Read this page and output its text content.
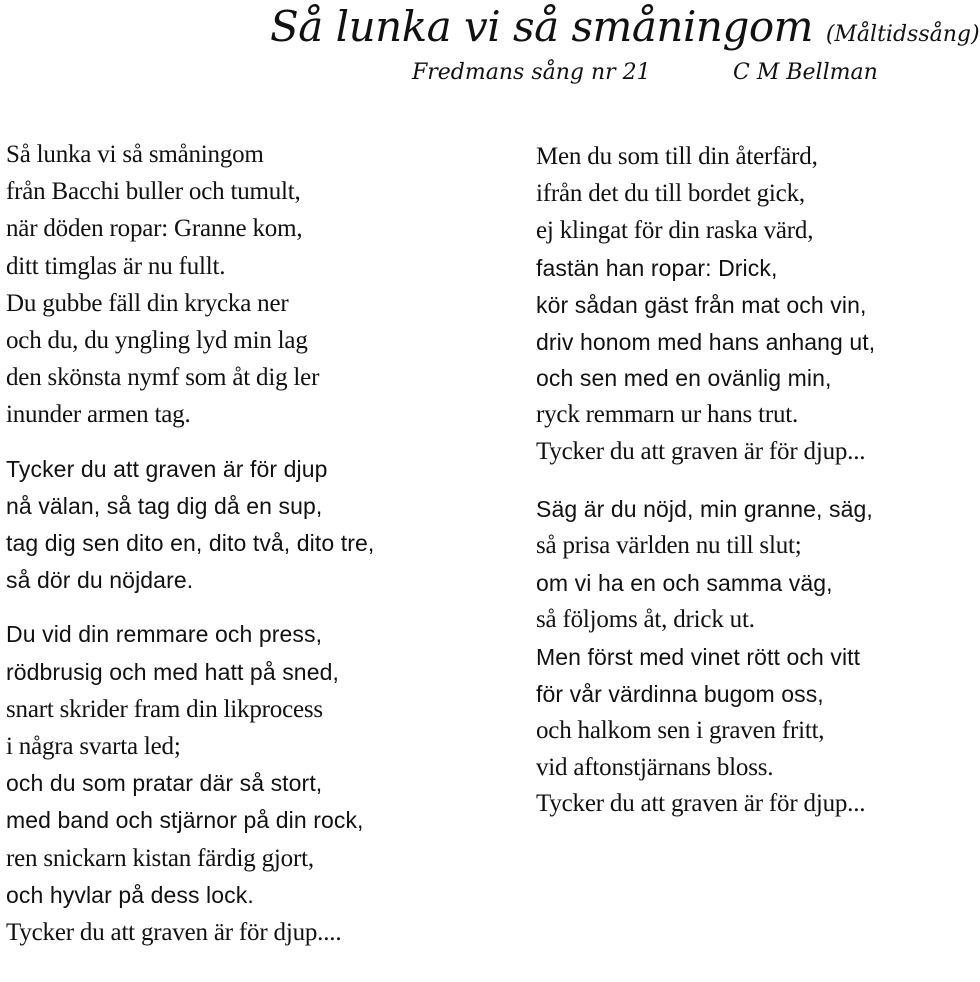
Så lunka vi så småningom (Måltidssång)
Fredmans sång nr 21	C M Bellman
Så lunka vi så småningom
från Bacchi buller och tumult,
när döden ropar: Granne kom,
ditt timglas är nu fullt.
Du gubbe fäll din krycka ner
och du, du yngling lyd min lag
den skönsta nymf som åt dig ler
inunder armen tag.
Tycker du att graven är för djup
nå välan, så tag dig då en sup,
tag dig sen dito en, dito två, dito tre,
så dör du nöjdare.
Du vid din remmare och press,
rödbrusig och med hatt på sned,
snart skrider fram din likprocess
i några svarta led;
och du som pratar där så stort,
med band och stjärnor på din rock,
ren snickarn kistan färdig gjort,
och hyvlar på dess lock.
Tycker du att graven är för djup....
Men du som till din återfärd,
ifrån det du till bordet gick,
ej klingat för din raska värd,
fastän han ropar: Drick,
kör sådan gäst från mat och vin,
driv honom med hans anhang ut,
och sen med en ovänlig min,
ryck remmarn ur hans trut.
Tycker du att graven är för djup...
Säg är du nöjd, min granne, säg,
så prisa världen nu till slut;
om vi ha en och samma väg,
så följoms åt, drick ut.
Men först med vinet rött och vitt
för vår värdinna bugom oss,
och halkom sen i graven fritt,
vid aftonstjärnans bloss.
Tycker du att graven är för djup...
